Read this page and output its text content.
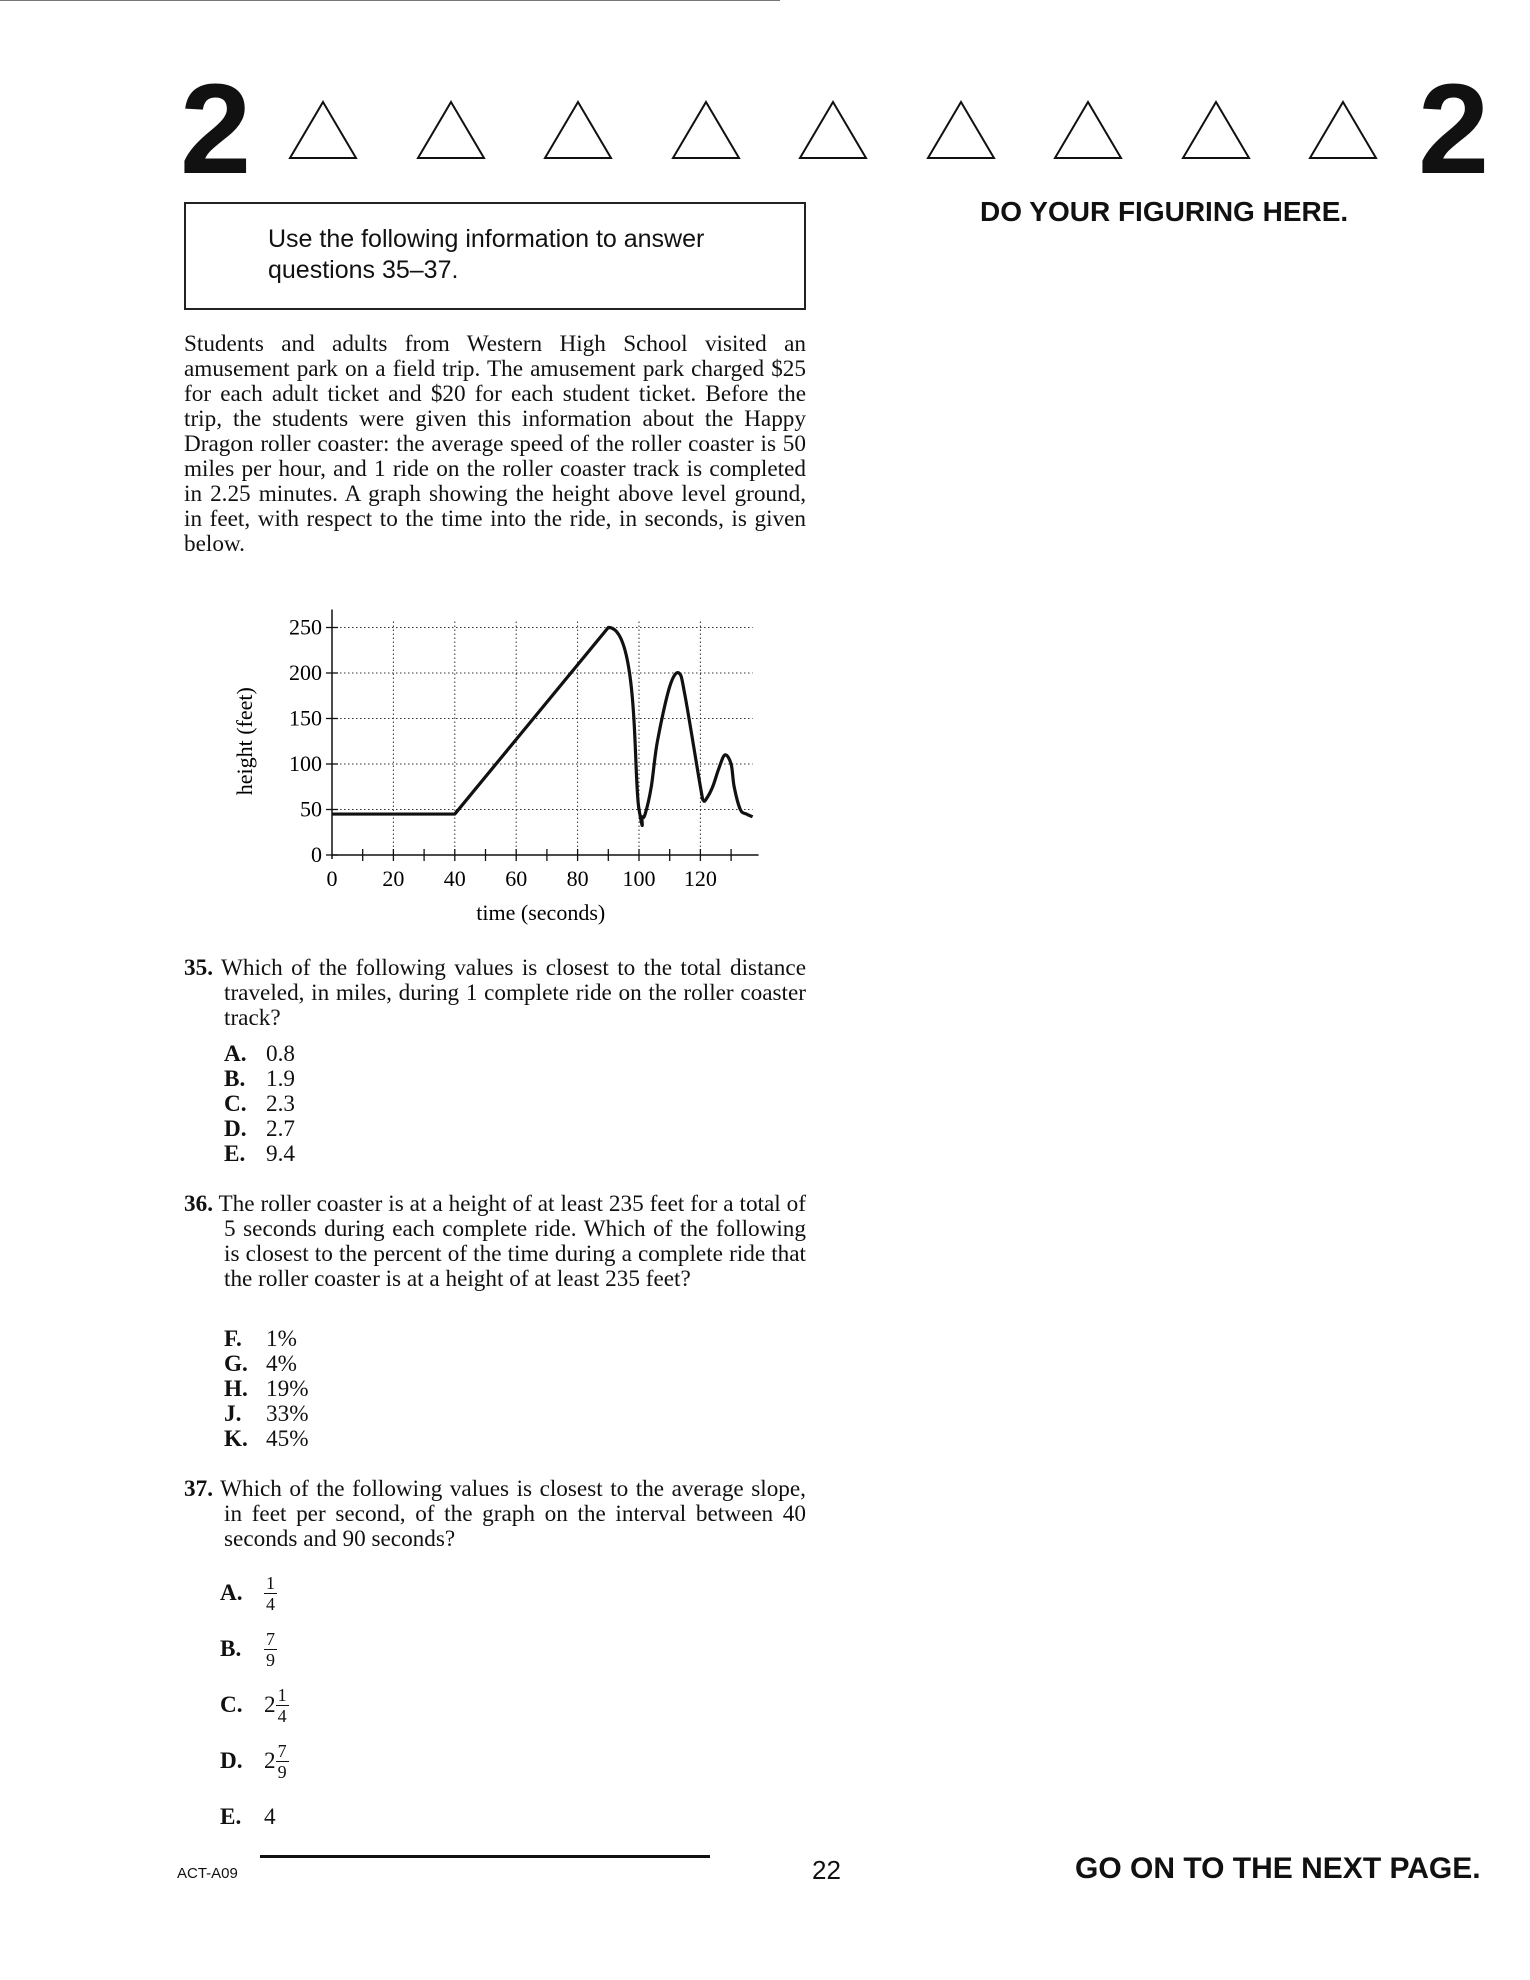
2	2
DO YOUR FIGURING HERE.
Use the following information to answer questions 35–37.
Students and adults from Western High School visited an amusement park on a field trip. The amusement park charged $25 for each adult ticket and $20 for each student ticket. Before the trip, the students were given this information about the Happy Dragon roller coaster: the average speed of the roller coaster is 50 miles per hour, and 1 ride on the roller coaster track is completed in 2.25 minutes. A graph showing the height above level ground, in feet, with respect to the time into the ride, in seconds, is given below.
0
50
100
150
200
250
0 20 40 60 80 100 120
time (seconds)
height (feet)
35. Which of the following values is closest to the total distance traveled, in miles, during 1 complete ride on the roller coaster track?
A. 0.8
B. 1.9
C. 2.3
D. 2.7
E. 9.4
36. The roller coaster is at a height of at least 235 feet for a total of 5 seconds during each complete ride. Which of the following is closest to the percent of the time during a complete ride that the roller coaster is at a height of at least 235 feet?
F.	1%
G. 4%
H. 19%
J.	33%
K. 45%
37. Which of the following values is closest to the average slope, in feet per second, of the graph on the interval between 40 seconds and 90 seconds?
A.	$\frac{1}{4}$
B.	$\frac{7}{9}$
C. $2 \frac{1}{4}$
D. $2 \frac{7}{9}$
E. 4
ACT-A09	22	GO ON TO THE NEXT PAGE.
